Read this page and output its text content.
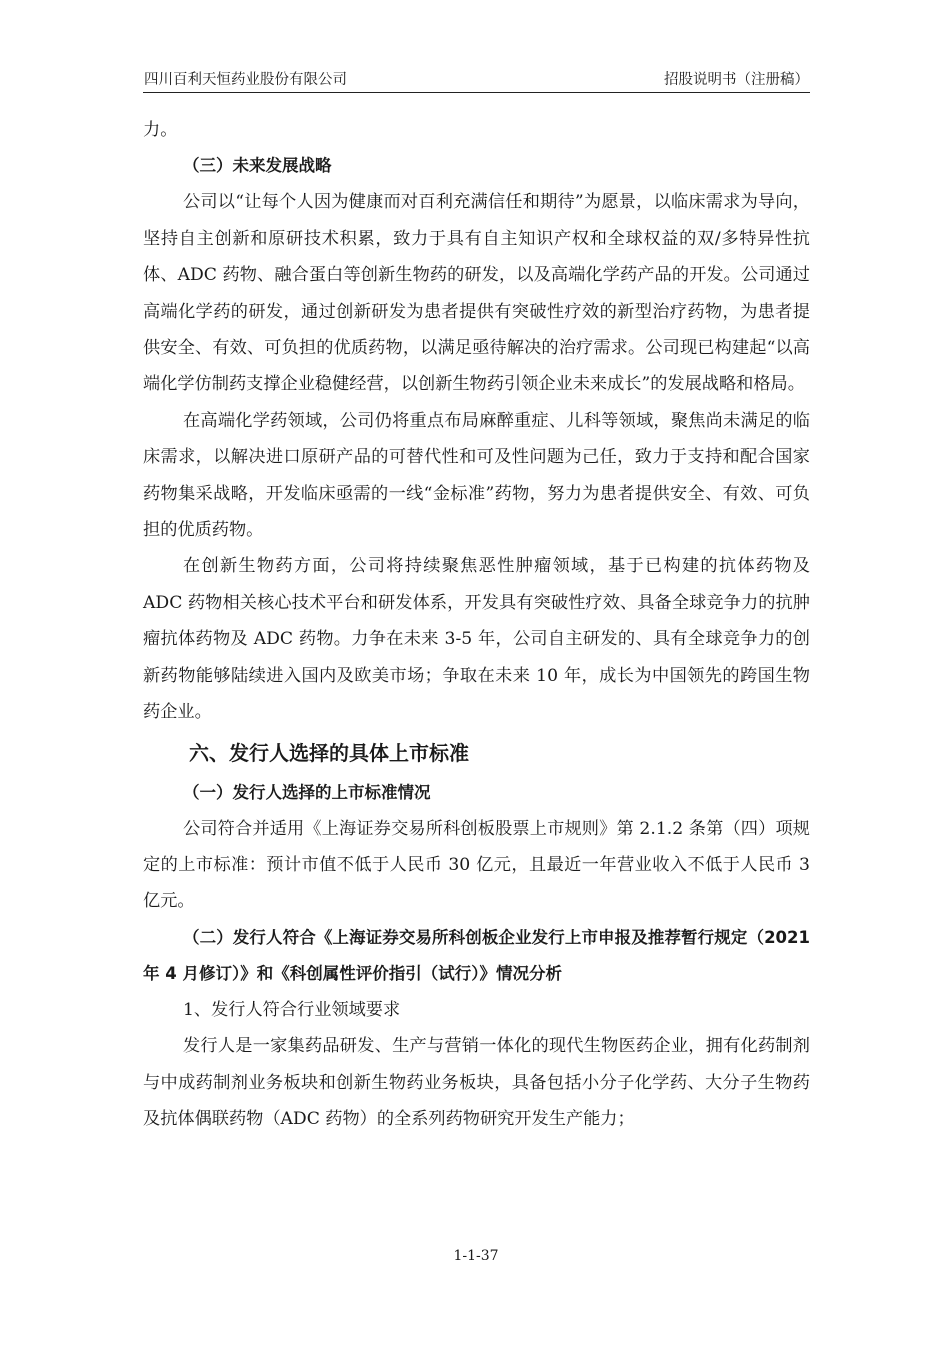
四川百利天恒药业股份有限公司	招股说明书（注册稿）

力。

（三）未来发展战略

公司以“让每个人因为健康而对百利充满信任和期待”为愿景，以临床需求为导向，坚持自主创新和原研技术积累，致力于具有自主知识产权和全球权益的双/多特异性抗体、ADC 药物、融合蛋白等创新生物药的研发，以及高端化学药产品的开发。公司通过高端化学药的研发，通过创新研发为患者提供有突破性疗效的新型治疗药物，为患者提供安全、有效、可负担的优质药物，以满足亟待解决的治疗需求。公司现已构建起“以高端化学仿制药支撑企业稳健经营，以创新生物药引领企业未来成长”的发展战略和格局。

在高端化学药领域，公司仍将重点布局麻醉重症、儿科等领域，聚焦尚未满足的临床需求，以解决进口原研产品的可替代性和可及性问题为己任，致力于支持和配合国家药物集采战略，开发临床亟需的一线“金标准”药物，努力为患者提供安全、有效、可负担的优质药物。

在创新生物药方面，公司将持续聚焦恶性肿瘤领域，基于已构建的抗体药物及 ADC 药物相关核心技术平台和研发体系，开发具有突破性疗效、具备全球竞争力的抗肿瘤抗体药物及 ADC 药物。力争在未来 3-5 年，公司自主研发的、具有全球竞争力的创新药物能够陆续进入国内及欧美市场；争取在未来 10 年，成长为中国领先的跨国生物药企业。

六、发行人选择的具体上市标准
（一）发行人选择的上市标准情况

公司符合并适用《上海证券交易所科创板股票上市规则》第 2.1.2 条第（四）项规定的上市标准：预计市值不低于人民币 30 亿元，且最近一年营业收入不低于人民币 3 亿元。

（二）发行人符合《上海证券交易所科创板企业发行上市申报及推荐暂行规定（2021 年 4 月修订）》和《科创属性评价指引（试行）》情况分析

1、发行人符合行业领域要求

发行人是一家集药品研发、生产与营销一体化的现代生物医药企业，拥有化药制剂与中成药制剂业务板块和创新生物药业务板块，具备包括小分子化学药、大分子生物药及抗体偶联药物（ADC 药物）的全系列药物研究开发生产能力；

1-1-37
